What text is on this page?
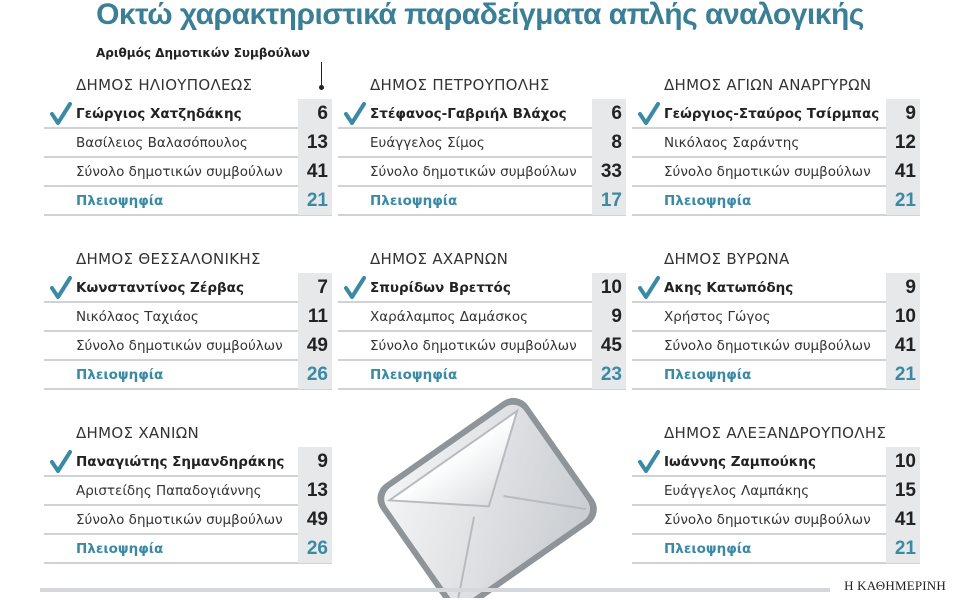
Οκτώ χαρακτηριστικά παραδείγματα απλής αναλογικής
Αριθμός Δημοτικών Συμβούλων
ΔΗΜΟΣ ΗΛΙΟΥΠΟΛΕΩΣ
Γεώργιος Χατζηδάκης	6
Βασίλειος Βαλασόπουλος	13
Σύνολο δημοτικών συμβούλων	41
Πλειοψηφία	21
ΔΗΜΟΣ ΠΕΤΡΟΥΠΟΛΗΣ
Στέφανος-Γαβριήλ Βλάχος	6
Ευάγγελος Σίμος	8
Σύνολο δημοτικών συμβούλων	33
Πλειοψηφία	17
ΔΗΜΟΣ ΑΓΙΩΝ ΑΝΑΡΓΥΡΩΝ
Γεώργιος-Σταύρος Τσίρμπας	9
Νικόλαος Σαράντης	12
Σύνολο δημοτικών συμβούλων	41
Πλειοψηφία	21
ΔΗΜΟΣ ΘΕΣΣΑΛΟΝΙΚΗΣ
Κωνσταντίνος Ζέρβας	7
Νικόλαος Ταχιάος	11
Σύνολο δημοτικών συμβούλων	49
Πλειοψηφία	26
ΔΗΜΟΣ ΑΧΑΡΝΩΝ
Σπυρίδων Βρεττός	10
Χαράλαμπος Δαμάσκος	9
Σύνολο δημοτικών συμβούλων	45
Πλειοψηφία	23
ΔΗΜΟΣ ΒΥΡΩΝΑ
Ακης Κατωπόδης	9
Χρήστος Γώγος	10
Σύνολο δημοτικών συμβούλων	41
Πλειοψηφία	21
ΔΗΜΟΣ ΧΑΝΙΩΝ
Παναγιώτης Σημανδηράκης	9
Αριστείδης Παπαδογιάννης	13
Σύνολο δημοτικών συμβούλων	49
Πλειοψηφία	26
ΔΗΜΟΣ ΑΛΕΞΑΝΔΡΟΥΠΟΛΗΣ
Ιωάννης Ζαμπούκης	10
Ευάγγελος Λαμπάκης	15
Σύνολο δημοτικών συμβούλων	41
Πλειοψηφία	21
Η ΚΑΘΗΜΕΡΙΝΗ
